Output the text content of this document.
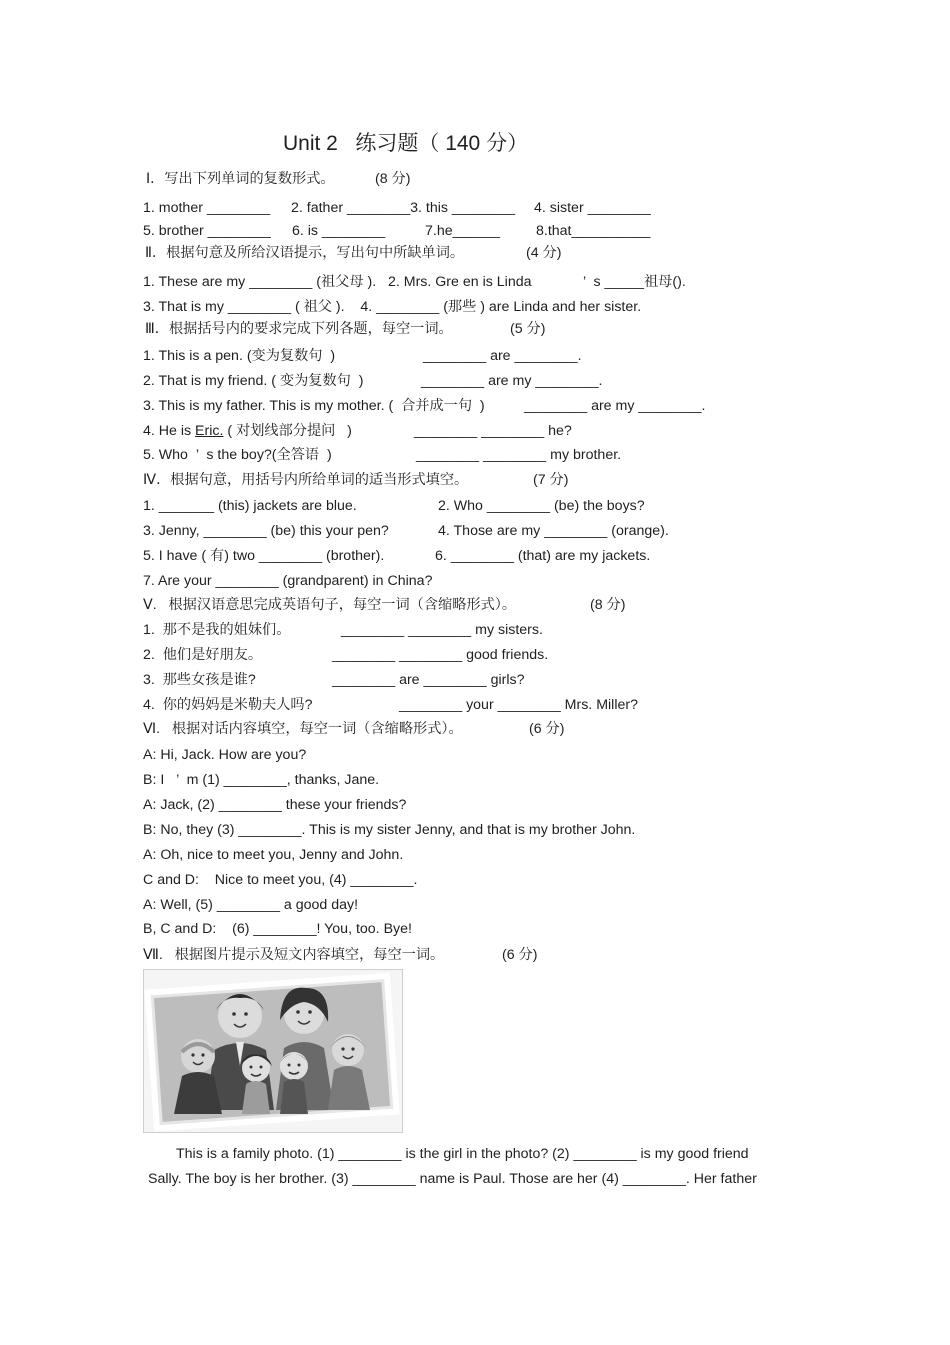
Unit 2   练习题（ 140 分）
Ⅰ．写出下列单词的复数形式。	(8 分)
1. mother ________ 2. father ________3. this ________ 4. sister ________
5. brother ________ 6. is ________	7.he______	8.that__________
Ⅱ．根据句意及所给汉语提示，写出句中所缺单词。	(4 分)
1. These are my ________ (祖父母 ).   2. Mrs. Gre en is Linda	’  s _____祖母().
3. That is my ________ ( 祖父 ).    4. ________ (那些 ) are Linda and her sister.
Ⅲ．根据括号内的要求完成下列各题，每空一词。	(5 分)
1. This is a pen. (变为复数句  )	________ are ________.
2. That is my friend. ( 变为复数句  )	________ are my ________.
3. This is my father. This is my mother. (  合并成一句  )	________ are my ________.
4. He is Eric. ( 对划线部分提问   )	________ ________ he?
5. Who  ’  s the boy?(全答语  )	________ ________ my brother.
Ⅳ．根据句意，用括号内所给单词的适当形式填空。	(7 分)
1. _______ (this) jackets are blue.	2. Who ________ (be) the boys?
3. Jenny, ________ (be) this your pen?	4. Those are my ________ (orange).
5. I have ( 有) two ________ (brother).	6. ________ (that) are my jackets.
7. Are your ________ (grandparent) in China?
Ⅴ.   根据汉语意思完成英语句子，每空一词（含缩略形式）。	(8 分)
1.  那不是我的姐妹们。	________ ________ my sisters.
2.  他们是好朋友。	________ ________ good friends.
3.  那些女孩是谁?	________ are ________ girls?
4.  你的妈妈是米勒夫人吗?	________ your ________ Mrs. Miller?
Ⅵ.   根据对话内容填空，每空一词（含缩略形式）。	(6 分)
A: Hi, Jack. How are you?
B: I   ’  m (1) ________, thanks, Jane.
A: Jack, (2) ________ these your friends?
B: No, they (3) ________. This is my sister Jenny, and that is my brother John.
A: Oh, nice to meet you, Jenny and John.
C and D:    Nice to meet you, (4) ________.
A: Well, (5) ________ a good day!
B, C and D:    (6) ________! You, too. Bye!
Ⅶ.   根据图片提示及短文内容填空，每空一词。	(6 分)
This is a family photo. (1) ________ is the girl in the photo? (2) ________ is my good friend
Sally. The boy is her brother. (3) ________ name is Paul. Those are her (4) ________. Her father
